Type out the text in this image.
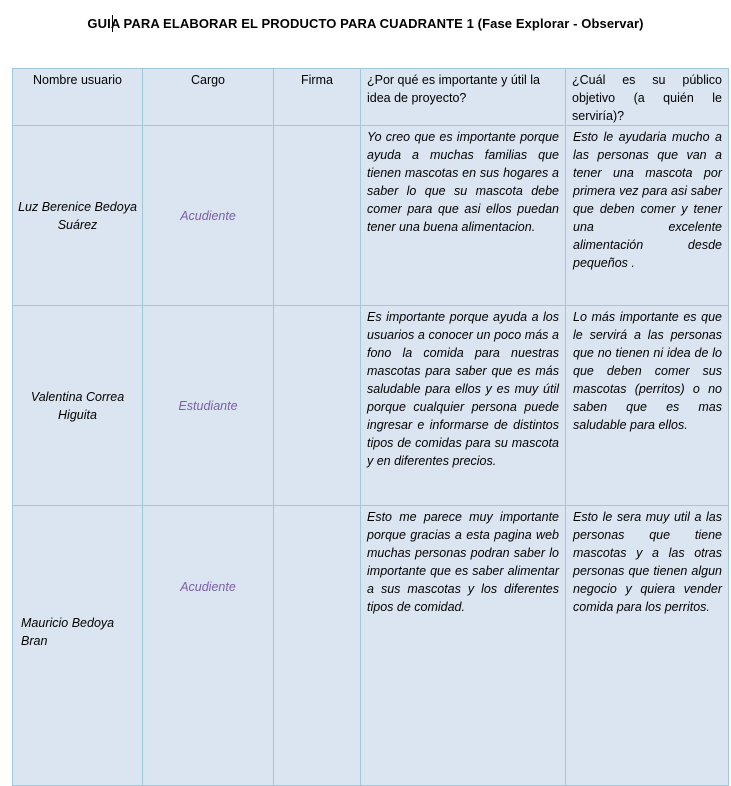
GUIA PARA ELABORAR EL PRODUCTO PARA CUADRANTE 1 (Fase Explorar - Observar)
Nombre usuario	Cargo	Firma	¿Por qué es importante y útil la idea de proyecto?	¿Cuál es su público objetivo (a quién le serviría)?
Luz Berenice Bedoya Suárez	Acudiente		Yo creo que es importante porque ayuda a muchas familias que tienen mascotas en sus hogares a saber lo que su mascota debe comer para que asi ellos puedan tener una buena alimentacion.	Esto le ayudaria mucho a las personas que van a tener una mascota por primera vez para asi saber que deben comer y tener una excelente alimentación desde pequeños .
Valentina Correa Higuita	Estudiante		Es importante porque ayuda a los usuarios a conocer un poco más a fono la comida para nuestras mascotas para saber que es más saludable para ellos y es muy útil porque cualquier persona puede ingresar e informarse de distintos tipos de comidas para su mascota y en diferentes precios.	Lo más importante es que le servirá a las personas que no tienen ni idea de lo que deben comer sus mascotas (perritos) o no saben que es mas saludable para ellos.
Mauricio Bedoya Bran	Acudiente		Esto me parece muy importante porque gracias a esta pagina web muchas personas podran saber lo importante que es saber alimentar a sus mascotas y los diferentes tipos de comidad.	Esto le sera muy util a las personas que tiene mascotas y a las otras personas que tienen algun negocio y quiera vender comida para los perritos.
